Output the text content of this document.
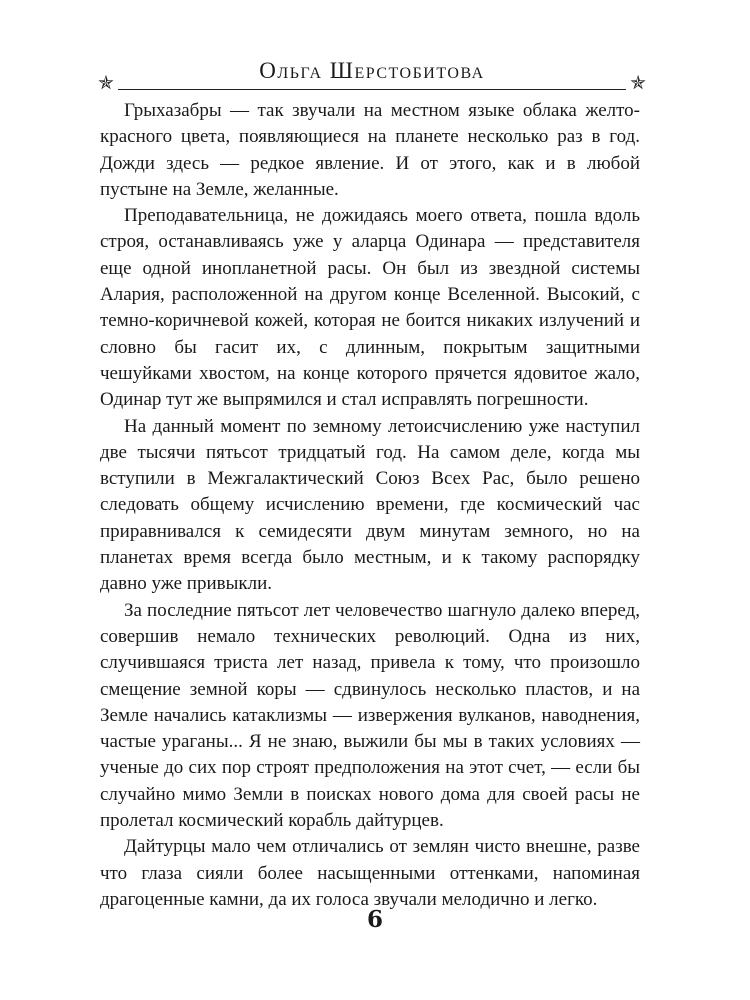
✯	Ольга Шерстобитова	✯

Грыхазабры — так звучали на местном языке облака желто-красного цвета, появляющиеся на планете несколько раз в год. Дожди здесь — редкое явление. И от этого, как и в любой пустыне на Земле, желанные.

Преподавательница, не дожидаясь моего ответа, пошла вдоль строя, останавливаясь уже у аларца Одинара — представителя еще одной инопланетной расы. Он был из звездной системы Алария, расположенной на другом конце Вселенной. Высокий, с темно-коричневой кожей, которая не боится никаких излучений и словно бы гасит их, с длинным, покрытым защитными чешуйками хвостом, на конце которого прячется ядовитое жало, Одинар тут же выпрямился и стал исправлять погрешности.

На данный момент по земному летоисчислению уже наступил две тысячи пятьсот тридцатый год. На самом деле, когда мы вступили в Межгалактический Союз Всех Рас, было решено следовать общему исчислению времени, где космический час приравнивался к семидесяти двум минутам земного, но на планетах время всегда было местным, и к такому распорядку давно уже привыкли.

За последние пятьсот лет человечество шагнуло далеко вперед, совершив немало технических революций. Одна из них, случившаяся триста лет назад, привела к тому, что произошло смещение земной коры — сдвинулось несколько пластов, и на Земле начались катаклизмы — извержения вулканов, наводнения, частые ураганы... Я не знаю, выжили бы мы в таких условиях — ученые до сих пор строят предположения на этот счет, — если бы случайно мимо Земли в поисках нового дома для своей расы не пролетал космический корабль дайтурцев.

Дайтурцы мало чем отличались от землян чисто внешне, разве что глаза сияли более насыщенными оттенками, напоминая драгоценные камни, да их голоса звучали мелодично и легко.

6
